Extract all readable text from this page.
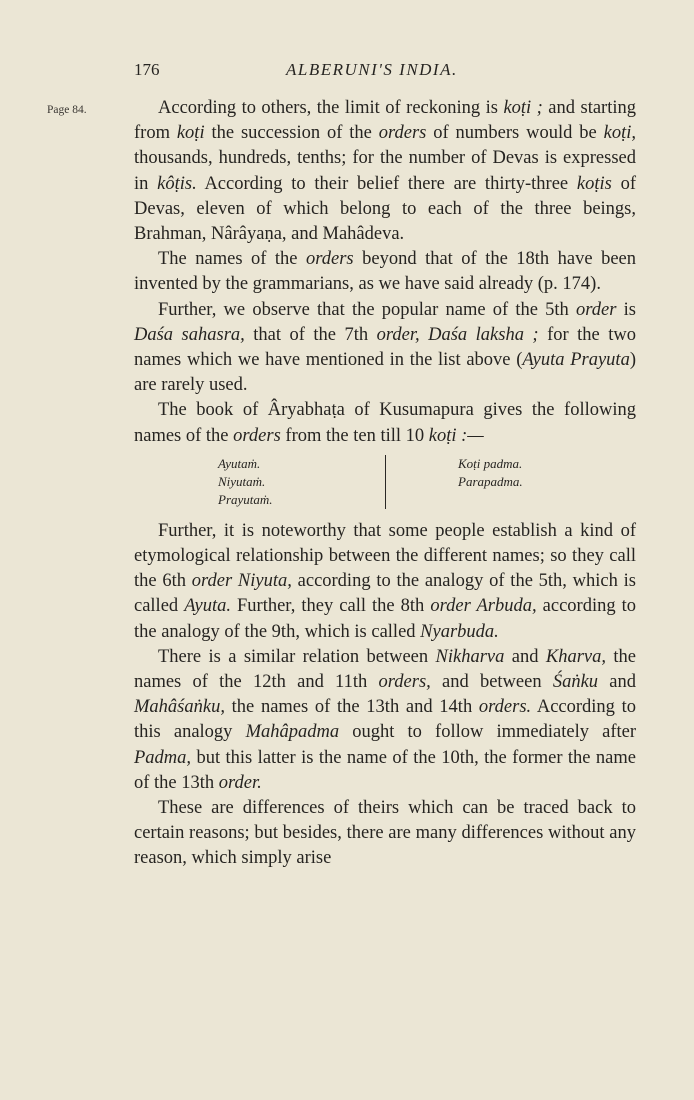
176	ALBERUNI'S INDIA.
Page 84.	According to others, the limit of reckoning is koṭi ; and starting from koṭi the succession of the orders of numbers would be koṭi, thousands, hundreds, tenths; for the number of Devas is expressed in kôṭis. According to their belief there are thirty-three koṭis of Devas, eleven of which belong to each of the three beings, Brahman, Nârâyaṇa, and Mahâdeva.

The names of the orders beyond that of the 18th have been invented by the grammarians, as we have said already (p. 174).

Further, we observe that the popular name of the 5th order is Daśa sahasra, that of the 7th order, Daśa laksha ; for the two names which we have mentioned in the list above (Ayuta Prayuta) are rarely used.

The book of Âryabhaṭa of Kusumapura gives the following names of the orders from the ten till 10 koṭi :—

Ayutaṁ.
Niyutaṁ.
Prayutaṁ.
Koṭi padma.
Parapadma.

Further, it is noteworthy that some people establish a kind of etymological relationship between the different names; so they call the 6th order Niyuta, according to the analogy of the 5th, which is called Ayuta. Further, they call the 8th order Arbuda, according to the analogy of the 9th, which is called Nyarbuda.

There is a similar relation between Nikharva and Kharva, the names of the 12th and 11th orders, and between Śaṅku and Mahâśaṅku, the names of the 13th and 14th orders. According to this analogy Mahâpadma ought to follow immediately after Padma, but this latter is the name of the 10th, the former the name of the 13th order.

These are differences of theirs which can be traced back to certain reasons; but besides, there are many differences without any reason, which simply arise
